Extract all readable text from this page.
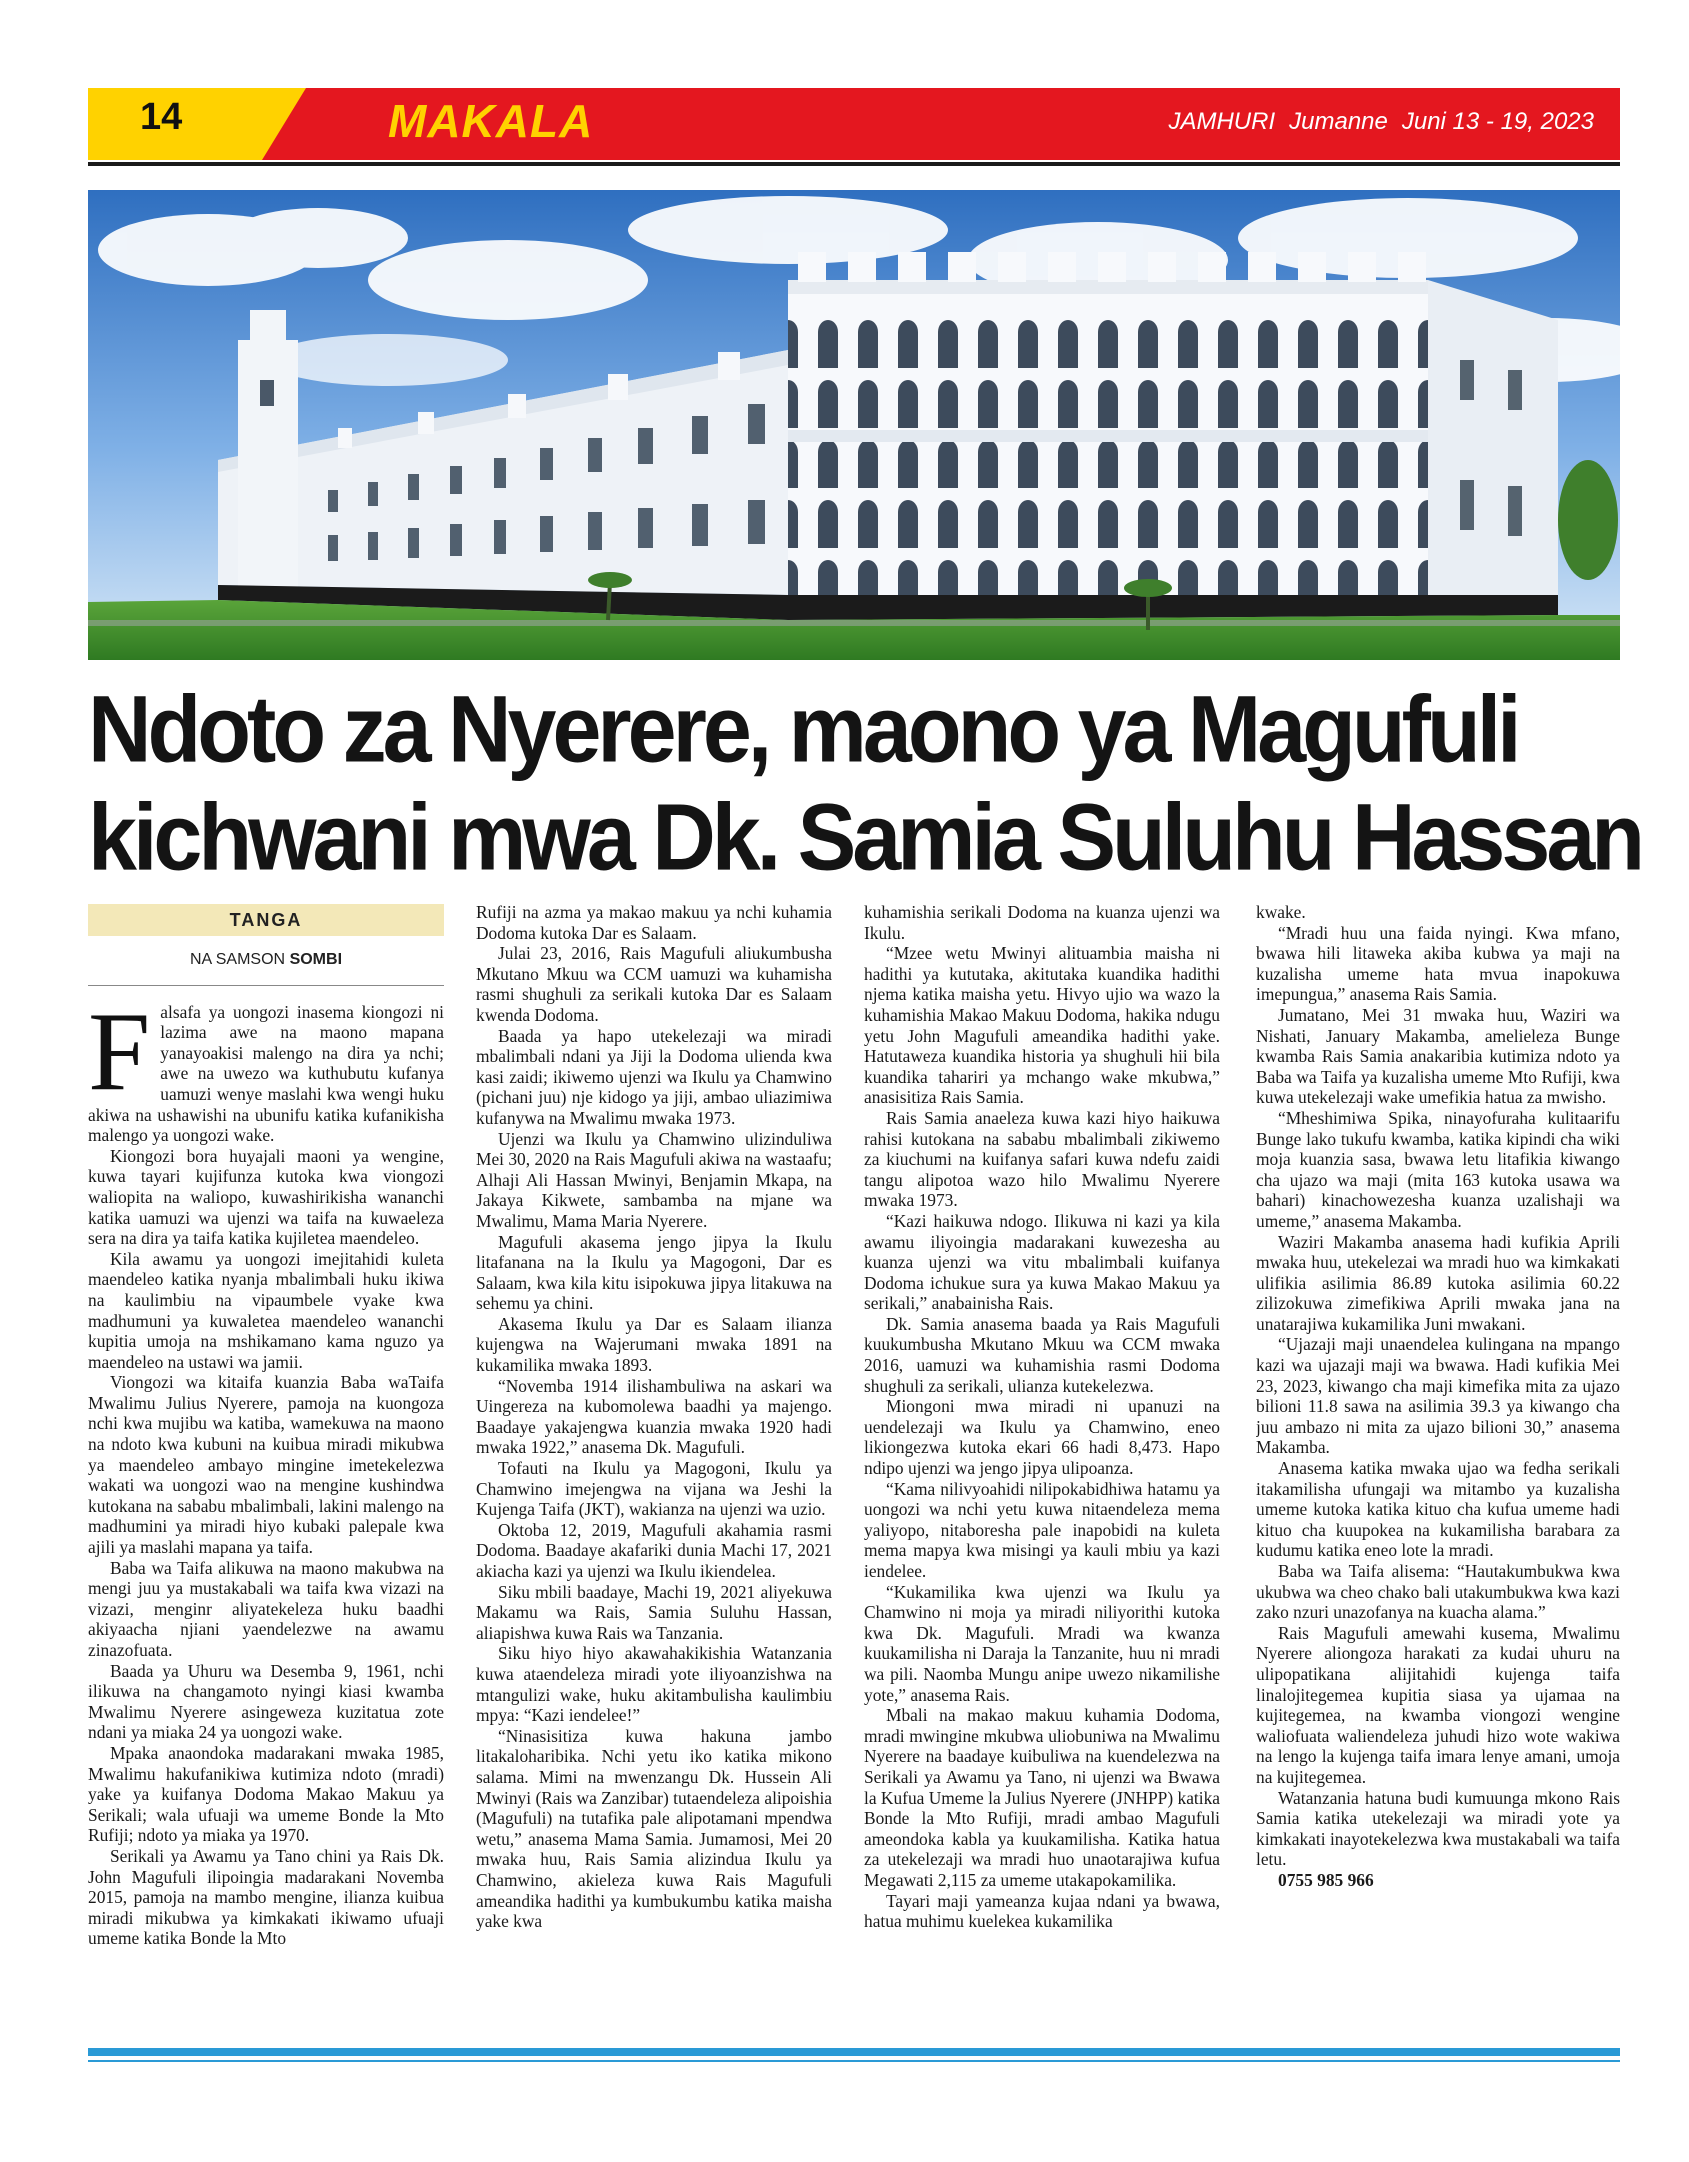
14	MAKALA	JAMHURI Jumanne Juni 13 - 19, 2023
Ndoto za Nyerere, maono ya Magufuli
kichwani mwa Dk. Samia Suluhu Hassan
TANGA
NA SAMSON SOMBI

Falsafa ya uongozi inasema kiongozi ni lazima awe na maono mapana yanayoakisi malengo na dira ya nchi; awe na uwezo wa kuthubutu kufanya uamuzi wenye maslahi kwa wengi huku akiwa na ushawishi na ubunifu katika kufanikisha malengo ya uongozi wake.

Kiongozi bora huyajali maoni ya wengine, kuwa tayari kujifunza kutoka kwa viongozi waliopita na waliopo, kuwashirikisha wananchi katika uamuzi wa ujenzi wa taifa na kuwaeleza sera na dira ya taifa katika kujiletea maendeleo.

Kila awamu ya uongozi imejitahidi kuleta maendeleo katika nyanja mbalimbali huku ikiwa na kaulimbiu na vipaumbele vyake kwa madhumuni ya kuwaletea maendeleo wananchi kupitia umoja na mshikamano kama nguzo ya maendeleo na ustawi wa jamii.

Viongozi wa kitaifa kuanzia Baba waTaifa Mwalimu Julius Nyerere, pamoja na kuongoza nchi kwa mujibu wa katiba, wamekuwa na maono na ndoto kwa kubuni na kuibua miradi mikubwa ya maendeleo ambayo mingine imetekelezwa wakati wa uongozi wao na mengine kushindwa kutokana na sababu mbalimbali, lakini malengo na madhumini ya miradi hiyo kubaki palepale kwa ajili ya maslahi mapana ya taifa.

Baba wa Taifa alikuwa na maono makubwa na mengi juu ya mustakabali wa taifa kwa vizazi na vizazi, menginr aliyatekeleza huku baadhi akiyaacha njiani yaendelezwe na awamu zinazofuata.

Baada ya Uhuru wa Desemba 9, 1961, nchi ilikuwa na changamoto nyingi kiasi kwamba Mwalimu Nyerere asingeweza kuzitatua zote ndani ya miaka 24 ya uongozi wake.

Mpaka anaondoka madarakani mwaka 1985, Mwalimu hakufanikiwa kutimiza ndoto (mradi) yake ya kuifanya Dodoma Makao Makuu ya Serikali; wala ufuaji wa umeme Bonde la Mto Rufiji; ndoto ya miaka ya 1970.

Serikali ya Awamu ya Tano chini ya Rais Dk. John Magufuli ilipoingia madarakani Novemba 2015, pamoja na mambo mengine, ilianza kuibua miradi mikubwa ya kimkakati ikiwamo ufuaji umeme katika Bonde la Mto

Rufiji na azma ya makao makuu ya nchi kuhamia Dodoma kutoka Dar es Salaam.

Julai 23, 2016, Rais Magufuli aliukumbusha Mkutano Mkuu wa CCM uamuzi wa kuhamisha rasmi shughuli za serikali kutoka Dar es Salaam kwenda Dodoma.

Baada ya hapo utekelezaji wa miradi mbalimbali ndani ya Jiji la Dodoma uliendа kwa kasi zaidi; ikiwemo ujenzi wa Ikulu ya Chamwino (pichani juu) nje kidogo ya jiji, ambao uliazimiwa kufanywa na Mwalimu mwaka 1973.

Ujenzi wa Ikulu ya Chamwino ulizinduliwa Mei 30, 2020 na Rais Magufuli akiwa na wastaafu; Alhaji Ali Hassan Mwinyi, Benjamin Mkapa, na Jakaya Kikwete, sambamba na mjane wa Mwalimu, Mama Maria Nyerere.

Magufuli akasema jengo jipya la Ikulu litafanana na la Ikulu ya Magogoni, Dar es Salaam, kwa kila kitu isipokuwa jipya litakuwa na sehemu ya chini.

Akasema Ikulu ya Dar es Salaam ilianza kujengwa na Wajerumani mwaka 1891 na kukamilika mwaka 1893.

“Novemba 1914 ilishambuliwa na askari wa Uingereza na kubomolewa baadhi ya majengo. Baadaye yakajengwa kuanzia mwaka 1920 hadi mwaka 1922,” anasema Dk. Magufuli.

Tofauti na Ikulu ya Magogoni, Ikulu ya Chamwino imejengwa na vijana wa Jeshi la Kujenga Taifa (JKT), wakianza na ujenzi wa uzio.

Oktoba 12, 2019, Magufuli akahamia rasmi Dodoma. Baadaye akafariki dunia Machi 17, 2021 akiacha kazi ya ujenzi wa Ikulu ikiendelea.

Siku mbili baadaye, Machi 19, 2021 aliyekuwa Makamu wa Rais, Samia Suluhu Hassan, aliapishwa kuwa Rais wa Tanzania.

Siku hiyo hiyo akawahakikishia Watanzania kuwa ataendeleza miradi yote iliyoanzishwa na mtangulizi wake, huku akitambulisha kaulimbiu mpya: “Kazi iendelee!”

“Ninasisitiza kuwa hakuna jambo litakaloharibika. Nchi yetu iko katika mikono salama. Mimi na mwenzangu Dk. Hussein Ali Mwinyi (Rais wa Zanzibar) tutaendeleza alipoishia (Magufuli) na tutafika pale alipotamani mpendwa wetu,” anasema Mama Samia. Jumamosi, Mei 20 mwaka huu, Rais Samia alizindua Ikulu ya Chamwino, akieleza kuwa Rais Magufuli ameandika hadithi ya kumbukumbu katika maisha yake kwa

kuhamishia serikali Dodoma na kuanza ujenzi wa Ikulu.

“Mzee wetu Mwinyi alituambia maisha ni hadithi ya kututaka, akitutaka kuandika hadithi njema katika maisha yetu. Hivyo ujio wa wazo la kuhamishia Makao Makuu Dodoma, hakika ndugu yetu John Magufuli ameandika hadithi yake. Hatutaweza kuandika historia ya shughuli hii bila kuandika tahariri ya mchango wake mkubwa,” anasisitiza Rais Samia.

Rais Samia anaeleza kuwa kazi hiyo haikuwa rahisi kutokana na sababu mbalimbali zikiwemo za kiuchumi na kuifanya safari kuwa ndefu zaidi tangu alipotoa wazo hilo Mwalimu Nyerere mwaka 1973.

“Kazi haikuwa ndogo. Ilikuwa ni kazi ya kila awamu iliyoingia madarakani kuwezesha au kuanza ujenzi wa vitu mbalimbali kuifanya Dodoma ichukue sura ya kuwa Makao Makuu ya serikali,” anabainisha Rais.

Dk. Samia anasema baada ya Rais Magufuli kuukumbusha Mkutano Mkuu wa CCM mwaka 2016, uamuzi wa kuhamishia rasmi Dodoma shughuli za serikali, ulianza kutekelezwa.

Miongoni mwa miradi ni upanuzi na uendelezaji wa Ikulu ya Chamwino, eneo likiongezwa kutoka ekari 66 hadi 8,473. Hapo ndipo ujenzi wa jengo jipya ulipoanza.

“Kama nilivyoahidi nilipokabidhiwa hatamu ya uongozi wa nchi yetu kuwa nitaendeleza mema yaliyopo, nitaboresha pale inapobidi na kuleta mema mapya kwa misingi ya kauli mbiu ya kazi iendelee.

“Kukamilika kwa ujenzi wa Ikulu ya Chamwino ni moja ya miradi niliyorithi kutoka kwa Dk. Magufuli. Mradi wa kwanza kuukamilisha ni Daraja la Tanzanite, huu ni mradi wa pili. Naomba Mungu anipe uwezo nikamilishe yote,” anasema Rais.

Mbali na makao makuu kuhamia Dodoma, mradi mwingine mkubwa uliobuniwa na Mwalimu Nyerere na baadaye kuibuliwa na kuendelezwa na Serikali ya Awamu ya Tano, ni ujenzi wa Bwawa la Kufua Umeme la Julius Nyerere (JNHPP) katika Bonde la Mto Rufiji, mradi ambao Magufuli ameondoka kabla ya kuukamilisha. Katika hatua za utekelezaji wa mradi huo unaotarajiwa kufua Megawati 2,115 za umeme utakapokamilika.

Tayari maji yameanza kujaa ndani ya bwawa, hatua muhimu kuelekea kukamilika

kwake.

“Mradi huu una faida nyingi. Kwa mfano, bwawa hili litaweka akiba kubwa ya maji na kuzalisha umeme hata mvua inapokuwa imepungua,” anasema Rais Samia.

Jumatano, Mei 31 mwaka huu, Waziri wa Nishati, January Makamba, amelieleza Bunge kwamba Rais Samia anakaribia kutimiza ndoto ya Baba wa Taifa ya kuzalisha umeme Mto Rufiji, kwa kuwa utekelezaji wake umefikia hatua za mwisho.

“Mheshimiwa Spika, ninayofuraha kulitaarifu Bunge lako tukufu kwamba, katika kipindi cha wiki moja kuanzia sasa, bwawa letu litafikia kiwango cha ujazo wa maji (mita 163 kutoka usawa wa bahari) kinachowezesha kuanza uzalishaji wa umeme,” anasema Makamba.

Waziri Makamba anasema hadi kufikia Aprili mwaka huu, utekelezai wa mradi huo wa kimkakati ulifikia asilimia 86.89 kutoka asilimia 60.22 zilizokuwa zimefikiwa Aprili mwaka jana na unatarajiwa kukamilika Juni mwakani.

“Ujazaji maji unaendelea kulingana na mpango kazi wa ujazaji maji wa bwawa. Hadi kufikia Mei 23, 2023, kiwango cha maji kimefika mita za ujazo bilioni 11.8 sawa na asilimia 39.3 ya kiwango cha juu ambazo ni mita za ujazo bilioni 30,” anasema Makamba.

Anasema katika mwaka ujao wa fedha serikali itakamilisha ufungaji wa mitambo ya kuzalisha umeme kutoka katika kituo cha kufua umeme hadi kituo cha kuupokea na kukamilisha barabara za kudumu katika eneo lote la mradi.

Baba wa Taifa alisema: “Hautakumbukwa kwa ukubwa wa cheo chako bali utakumbukwa kwa kazi zako nzuri unazofanya na kuacha alama.”

Rais Magufuli amewahi kusema, Mwalimu Nyerere aliongoza harakati za kudai uhuru na ulipopatikana alijitahidi kujenga taifa linalojitegemea kupitia siasa ya ujamaa na kujitegemea, na kwamba viongozi wengine waliofuata waliendeleza juhudi hizo wote wakiwa na lengo la kujenga taifa imara lenye amani, umoja na kujitegemea.

Watanzania hatuna budi kumuunga mkono Rais Samia katika utekelezaji wa miradi yote ya kimkakati inayotekelezwa kwa mustakabali wa taifa letu.

0755 985 966
